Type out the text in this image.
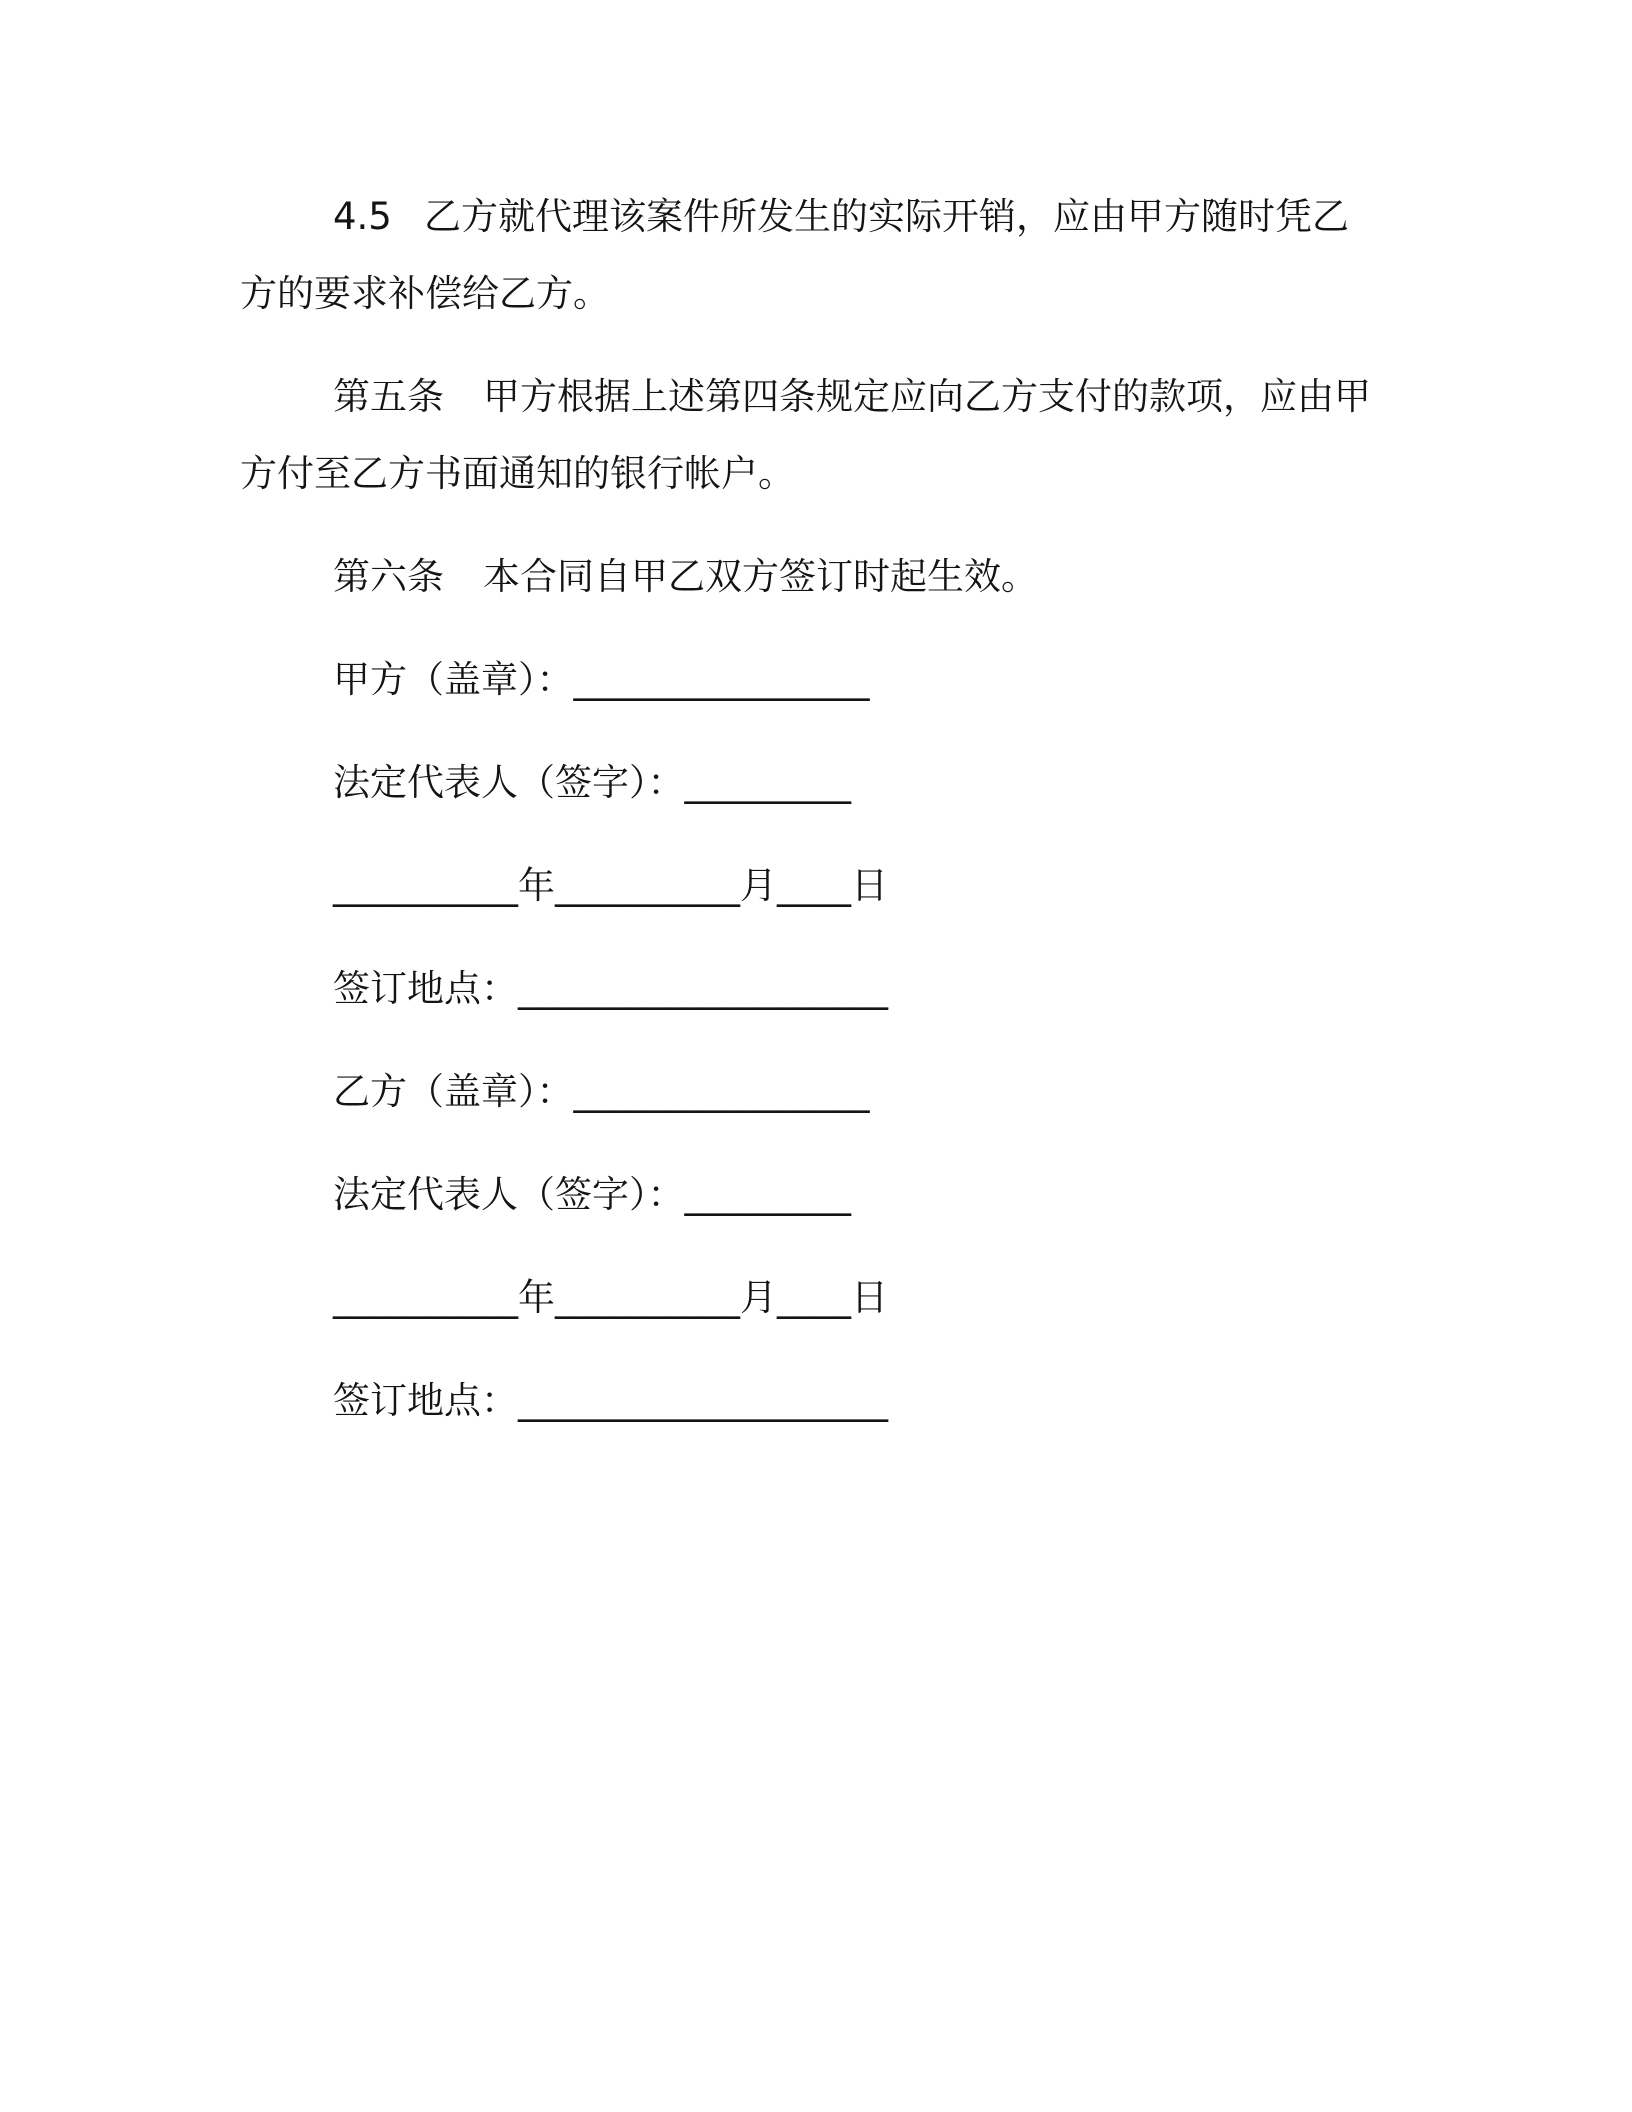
4.5 乙方就代理该案件所发生的实际开销，应由甲方随时凭乙
方的要求补偿给乙方。
第五条 甲方根据上述第四条规定应向乙方支付的款项，应由甲
方付至乙方书面通知的银行帐户。
第六条 本合同自甲乙双方签订时起生效。
甲方（盖章）：________________
法定代表人（签字）：_________
__________年__________月____日
签订地点：____________________
乙方（盖章）：________________
法定代表人（签字）：_________
__________年__________月____日
签订地点：____________________
